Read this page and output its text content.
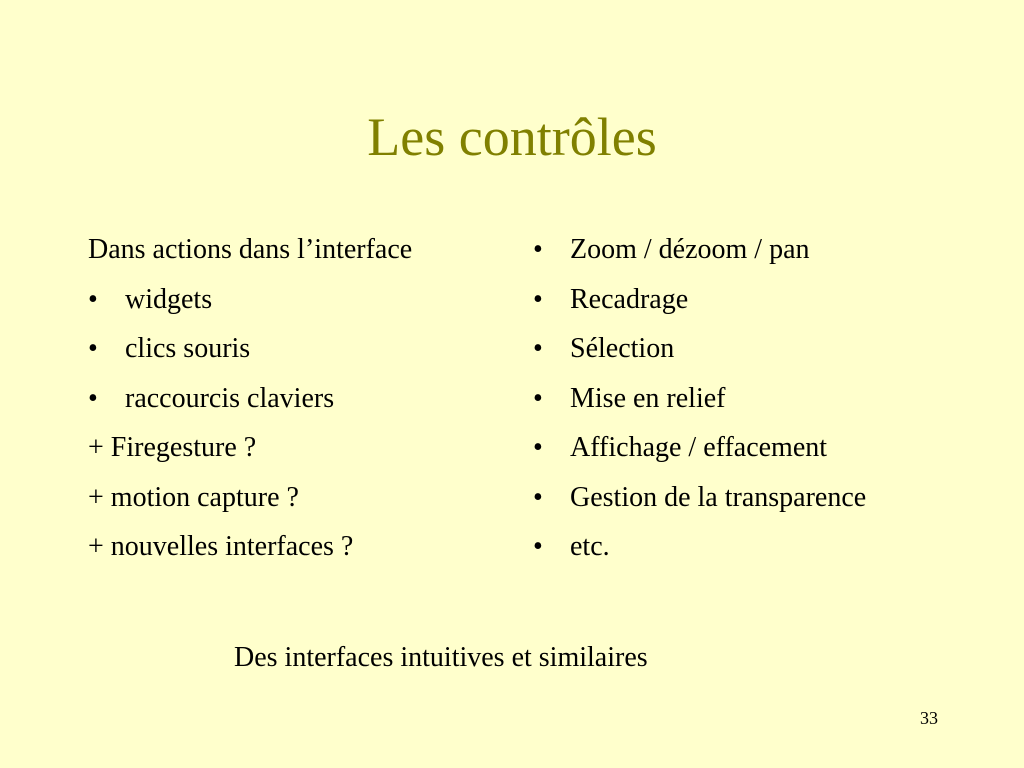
Les contrôles
Dans actions dans l’interface
• widgets
• clics souris
• raccourcis claviers
+ Firegesture ?
+ motion capture ?
+ nouvelles interfaces ?
• Zoom / dézoom / pan
• Recadrage
• Sélection
• Mise en relief
• Affichage / effacement
• Gestion de la transparence
• etc.
Des interfaces intuitives et similaires
33
